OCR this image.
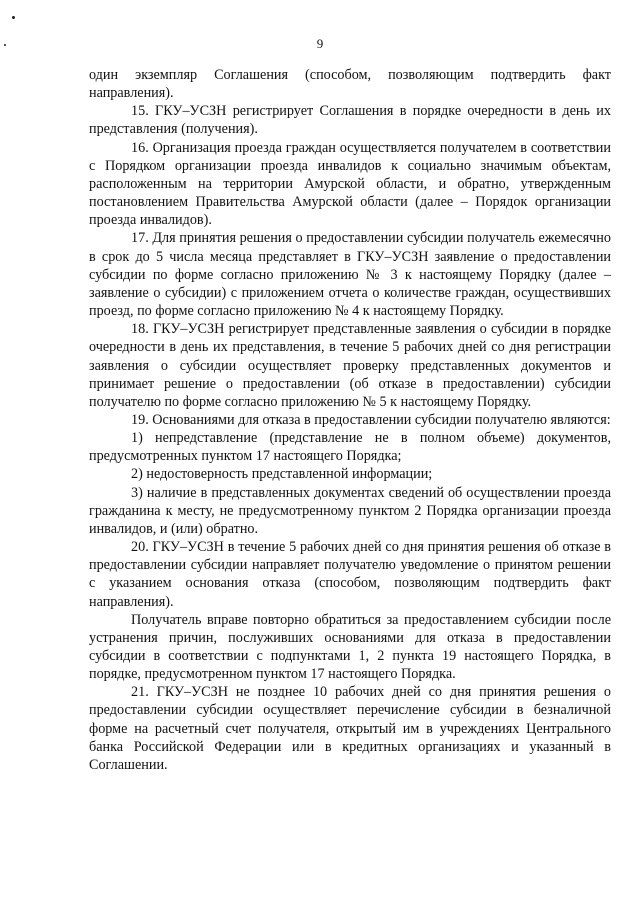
9

один экземпляр Соглашения (способом, позволяющим подтвердить факт направления).

15. ГКУ–УСЗН регистрирует Соглашения в порядке очередности в день их представления (получения).

16. Организация проезда граждан осуществляется получателем в соответствии с Порядком организации проезда инвалидов к социально значимым объектам, расположенным на территории Амурской области, и обратно, утвержденным постановлением Правительства Амурской области (далее – Порядок организации проезда инвалидов).

17. Для принятия решения о предоставлении субсидии получатель ежемесячно в срок до 5 числа месяца представляет в ГКУ–УСЗН заявление о предоставлении субсидии по форме согласно приложению № 3 к настоящему Порядку (далее – заявление о субсидии) с приложением отчета о количестве граждан, осуществивших проезд, по форме согласно приложению № 4 к настоящему Порядку.

18. ГКУ–УСЗН регистрирует представленные заявления о субсидии в порядке очередности в день их представления, в течение 5 рабочих дней со дня регистрации заявления о субсидии осуществляет проверку представленных документов и принимает решение о предоставлении (об отказе в предоставлении) субсидии получателю по форме согласно приложению № 5 к настоящему Порядку.

19. Основаниями для отказа в предоставлении субсидии получателю являются:

1) непредставление (представление не в полном объеме) документов, предусмотренных пунктом 17 настоящего Порядка;

2) недостоверность представленной информации;

3) наличие в представленных документах сведений об осуществлении проезда гражданина к месту, не предусмотренному пунктом 2 Порядка организации проезда инвалидов, и (или) обратно.

20. ГКУ–УСЗН в течение 5 рабочих дней со дня принятия решения об отказе в предоставлении субсидии направляет получателю уведомление о принятом решении с указанием основания отказа (способом, позволяющим подтвердить факт направления).

Получатель вправе повторно обратиться за предоставлением субсидии после устранения причин, послуживших основаниями для отказа в предоставлении субсидии в соответствии с подпунктами 1, 2 пункта 19 настоящего Порядка, в порядке, предусмотренном пунктом 17 настоящего Порядка.

21. ГКУ–УСЗН не позднее 10 рабочих дней со дня принятия решения о предоставлении субсидии осуществляет перечисление субсидии в безналичной форме на расчетный счет получателя, открытый им в учреждениях Центрального банка Российской Федерации или в кредитных организациях и указанный в Соглашении.
